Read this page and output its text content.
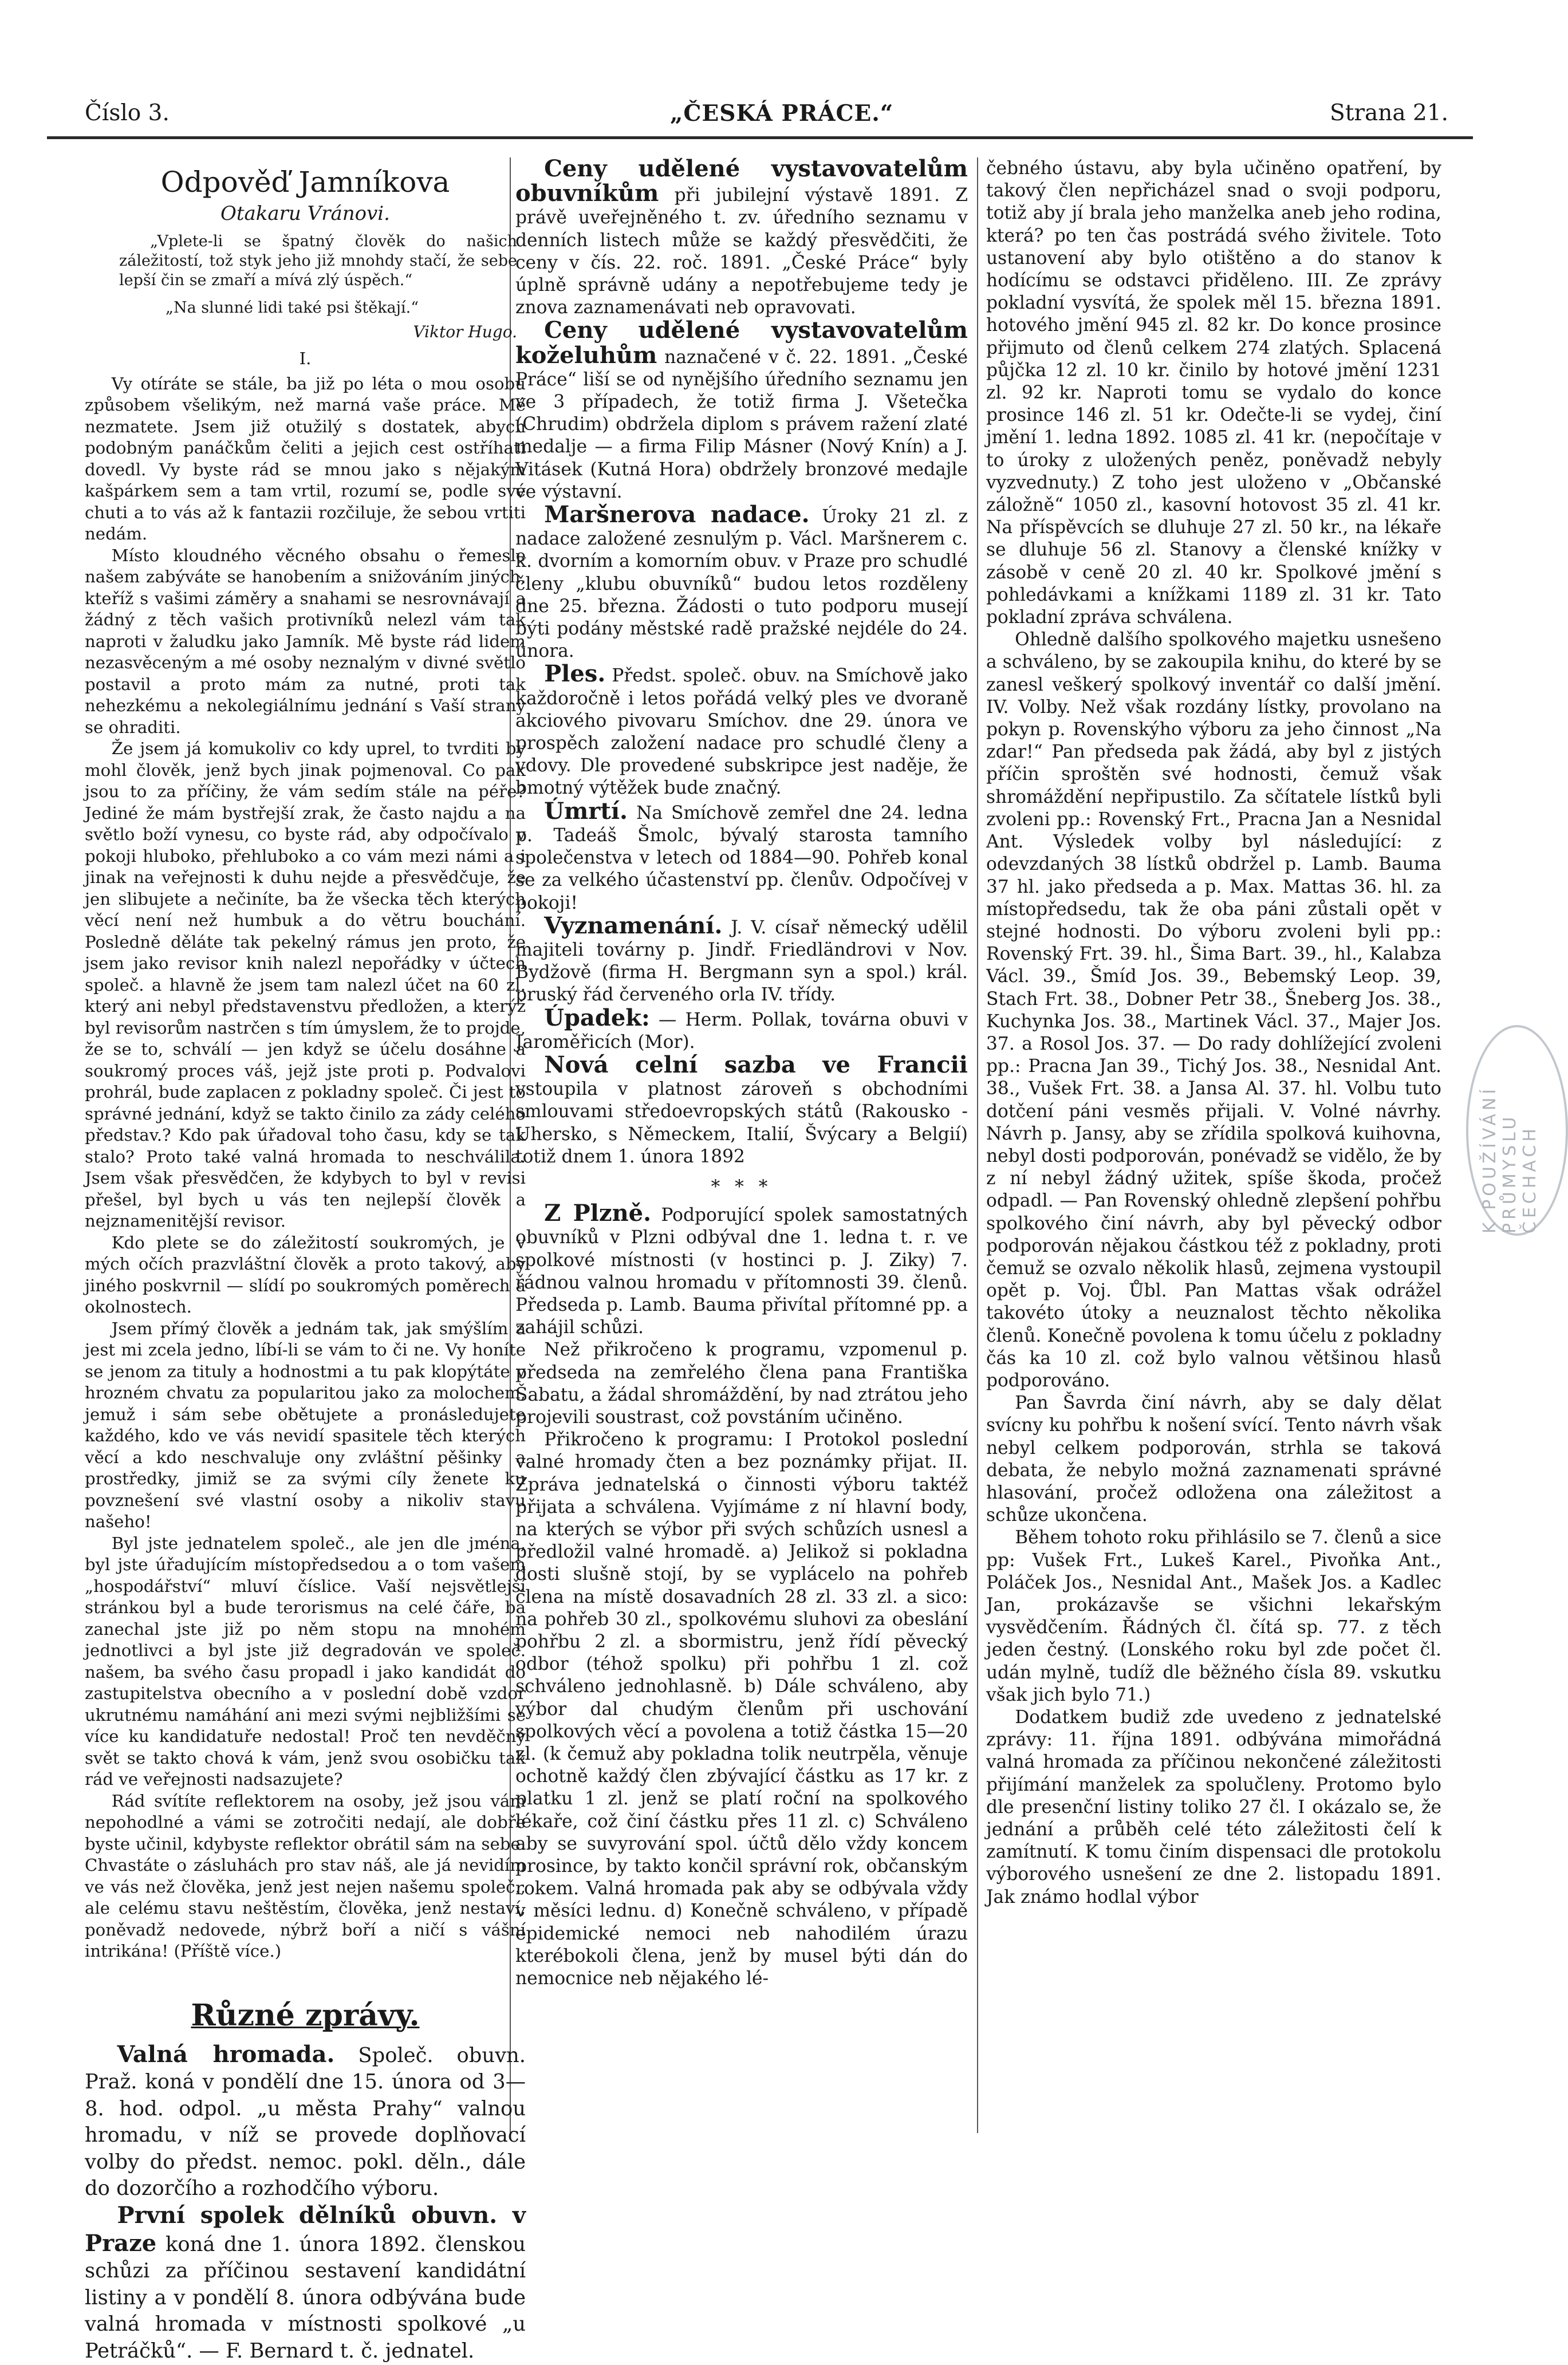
Číslo 3.	„ČESKÁ PRÁCE.“	Strana 21.

Odpověď Jamníkova

Otakaru Vránovi.

„Vplete-li se špatný člověk do našich záležitostí, tož styk jeho již mnohdy stačí, že sebe lepší čin se zmaří a mívá zlý úspěch.“

„Na slunné lidi také psi štěkají.“

Viktor Hugo.

I.

Vy otíráte se stále, ba již po léta o mou osobu způsobem všelikým, než marná vaše práce. Mé nezmatete. Jsem již otužilý s dostatek, abych podobným panáčkům čeliti a jejich cest ostříhati dovedl. Vy byste rád se mnou jako s nějakým kašpárkem sem a tam vrtil, rozumí se, podle své chuti a to vás až k fantazii rozčiluje, že sebou vrtiti nedám.

Místo kloudného věcného obsahu o řemesle našem zabýváte se hanobením a snižováním jiných, kteříž s vašimi záměry a snahami se nesrovnávají a žádný z těch vašich protivníků nelezl vám tak naproti v žaludku jako Jamník. Mě byste rád lidem nezasvěceným a mé osoby neznalým v divné světlo postavil a proto mám za nutné, proti tak nehezkému a nekolegiálnímu jednání s Vaší strany se ohraditi.

Že jsem já komukoliv co kdy uprel, to tvrditi by mohl člověk, jenž bych jinak pojmenoval. Co pak jsou to za příčiny, že vám sedím stále na péře? Jediné že mám bystřejší zrak, že často najdu a na světlo boží vynesu, co byste rád, aby odpočívalo v pokoji hluboko, přehluboko a co vám mezi námi a i jinak na veřejnosti k duhu nejde a přesvědčuje, že jen slibujete a nečiníte, ba že všecka těch kterých věcí není než humbuk a do větru bouchání. Posledně děláte tak pekelný rámus jen proto, že jsem jako revisor knih nalezl nepořádky v účtech společ. a hlavně že jsem tam nalezl účet na 60 zl. který ani nebyl představenstvu předložen, a kterýž byl revisorům nastrčen s tím úmyslem, že to projde, že se to, schválí — jen když se účelu dosáhne a soukromý proces váš, jejž jste proti p. Podvalovi prohrál, bude zaplacen z pokladny společ. Či jest to správné jednání, když se takto činilo za zády celého představ.? Kdo pak úřadoval toho času, kdy se tak stalo? Proto také valná hromada to neschválila. Jsem však přesvědčen, že kdybych to byl v revisi přešel, byl bych u vás ten nejlepší člověk a nejznamenitější revisor.

Kdo plete se do záležitostí soukromých, je v mých očích prazvláštní člověk a proto takový, aby jiného poskvrnil — slídí po soukromých poměrech a okolnostech.

Jsem přímý člověk a jednám tak, jak smýšlím a jest mi zcela jedno, líbí-li se vám to či ne. Vy honíte se jenom za tituly a hodnostmi a tu pak klopýtáte v hrozném chvatu za popularitou jako za molochem, jemuž i sám sebe obětujete a pronásledujete každého, kdo ve vás nevidí spasitele těch kterých věcí a kdo neschvaluje ony zvláštní pěšinky a prostředky, jimiž se za svými cíly ženete ku povznešení své vlastní osoby a nikoliv stavu našeho!

Byl jste jednatelem společ., ale jen dle jména, byl jste úřadujícím místopředsedou a o tom vašem „hospodářství“ mluví číslice. Vaší nejsvětlejší stránkou byl a bude terorismus na celé čáře, ba zanechal jste již po něm stopu na mnohém jednotlivci a byl jste již degradován ve společ. našem, ba svého času propadl i jako kandidát do zastupitelstva obecního a v poslední době vzdor ukrutnému namáhání ani mezi svými nejbližšími se více ku kandidatuře nedostal! Proč ten nevděčný svět se takto chová k vám, jenž svou osobičku tak rád ve veřejnosti nadsazujete?

Rád svítíte reflektorem na osoby, jež jsou vám nepohodlné a vámi se zotročiti nedají, ale dobře byste učinil, kdybyste reflektor obrátil sám na sebe. Chvastáte o zásluhách pro stav náš, ale já nevidím ve vás než člověka, jenž jest nejen našemu společ., ale celému stavu neštěstím, člověka, jenž nestaví, poněvadž nedovede, nýbrž boří a ničí s vášní intrikána! (Příště více.)

Různé zprávy.

Valná hromada. Společ. obuvn. Praž. koná v pondělí dne 15. února od 3—8. hod. odpol. „u města Prahy“ valnou hromadu, v níž se provede doplňovací volby do předst. nemoc. pokl. děln., dále do dozorčího a rozhodčího výboru.

První spolek dělníků obuvn. v Praze koná dne 1. února 1892. členskou schůzi za příčinou sestavení kandidátní listiny a v pondělí 8. února odbývána bude valná hromada v místnosti spolkové „u Petráčků“. — F. Bernard t. č. jednatel.

Ceny udělené vystavovatelům obuvníkům při jubilejní výstavě 1891. Z právě uveřejněného t. zv. úředního seznamu v denních listech může se každý přesvědčiti, že ceny v čís. 22. roč. 1891. „České Práce“ byly úplně správně udány a nepotřebujeme tedy je znova zaznamenávati neb opravovati.

Ceny udělené vystavovatelům koželuhům naznačené v č. 22. 1891. „České Práce“ liší se od nynějšího úředního seznamu jen ve 3 případech, že totiž firma J. Všetečka (Chrudim) obdržela diplom s právem ražení zlaté medalje — a firma Filip Másner (Nový Knín) a J. Vitásek (Kutná Hora) obdržely bronzové medajle ve výstavní.

Maršnerova nadace. Úroky 21 zl. z nadace založené zesnulým p. Václ. Maršnerem c. k. dvorním a komorním obuv. v Praze pro schudlé členy „klubu obuvníků“ budou letos rozděleny dne 25. března. Žádosti o tuto podporu musejí býti podány městské radě pražské nejdéle do 24. února.

Ples. Předst. společ. obuv. na Smíchově jako každoročně i letos pořádá velký ples ve dvoraně akciového pivovaru Smíchov. dne 29. února ve prospěch založení nadace pro schudlé členy a vdovy. Dle provedené subskripce jest naděje, že bmotný výtěžek bude značný.

Úmrtí. Na Smíchově zemřel dne 24. ledna p. Tadeáš Šmolc, bývalý starosta tamního společenstva v letech od 1884—90. Pohřeb konal se za velkého účastenství pp. členův. Odpočívej v pokoji!

Vyznamenání. J. V. císař německý udělil majiteli továrny p. Jindř. Friedländrovi v Nov. Bydžově (firma H. Bergmann syn a spol.) král. pruský řád červeného orla IV. třídy.

Úpadek: — Herm. Pollak, továrna obuvi v Jaroměřicích (Mor).

Nová celní sazba ve Francii vstoupila v platnost zároveň s obchodními smlouvami středoevropských států (Rakousko - Uhersko, s Německem, Italií, Švýcary a Belgií) totiž dnem 1. února 1892

* * *

Z Plzně. Podporující spolek samostatných obuvníků v Plzni odbýval dne 1. ledna t. r. ve spolkové místnosti (v hostinci p. J. Ziky) 7. řádnou valnou hromadu v přítomnosti 39. členů. Předseda p. Lamb. Bauma přivítal přítomné pp. a zahájil schůzi.

Než přikročeno k programu, vzpomenul p. předseda na zemřelého člena pana Františka Šabatu, a žádal shromáždění, by nad ztrátou jeho projevili soustrast, což povstáním učiněno.

Přikročeno k programu: I Protokol poslední valné hromady čten a bez poznámky přijat. II. Zpráva jednatelská o činnosti výboru taktéž přijata a schválena. Vyjímáme z ní hlavní body, na kterých se výbor při svých schůzích usnesl a předložil valné hromadě. a) Jelikož si pokladna dosti slušně stojí, by se vyplácelo na pohřeb člena na místě dosavadních 28 zl. 33 zl. a sico: na pohřeb 30 zl., spolkovému sluhovi za obeslání pohřbu 2 zl. a sbormistru, jenž řídí pěvecký odbor (téhož spolku) při pohřbu 1 zl. což schváleno jednohlasně. b) Dále schváleno, aby výbor dal chudým členům při uschování spolkových věcí a povolena a totiž částka 15—20 zl. (k čemuž aby pokladna tolik neutrpěla, věnuje ochotně každý člen zbývající částku as 17 kr. z platku 1 zl. jenž se platí roční na spolkového lékaře, což činí částku přes 11 zl. c) Schváleno aby se suvyrování spol. účtů dělo vždy koncem prosince, by takto končil správní rok, občanským rokem. Valná hromada pak aby se odbývala vždy v měsíci lednu. d) Konečně schváleno, v případě epidemické nemoci neb nahodilém úrazu kterébokoli člena, jenž by musel býti dán do nemocnice neb nějakého lé-

čebného ústavu, aby byla učiněno opatření, by takový člen nepřicházel snad o svoji podporu, totiž aby jí brala jeho manželka aneb jeho rodina, která? po ten čas postrádá svého živitele. Toto ustanovení aby bylo otištěno a do stanov k hodícímu se odstavci přiděleno. III. Ze zprávy pokladní vysvítá, že spolek měl 15. března 1891. hotového jmění 945 zl. 82 kr. Do konce prosince přijmuto od členů celkem 274 zlatých. Splacená půjčka 12 zl. 10 kr. činilo by hotové jmění 1231 zl. 92 kr. Naproti tomu se vydalo do konce prosince 146 zl. 51 kr. Odečte-li se vydej, činí jmění 1. ledna 1892. 1085 zl. 41 kr. (nepočítaje v to úroky z uložených peněz, poněvadž nebyly vyzvednuty.) Z toho jest uloženo v „Občanské záložně“ 1050 zl., kasovní hotovost 35 zl. 41 kr. Na příspěvcích se dluhuje 27 zl. 50 kr., na lékaře se dluhuje 56 zl. Stanovy a členské knížky v zásobě v ceně 20 zl. 40 kr. Spolkové jmění s pohledávkami a knížkami 1189 zl. 31 kr. Tato pokladní zpráva schválena.

Ohledně dalšího spolkového majetku usnešeno a schváleno, by se zakoupila knihu, do které by se zanesl veškerý spolkový inventář co další jmění. IV. Volby. Než však rozdány lístky, provolano na pokyn p. Rovenskýho výboru za jeho činnost „Na zdar!“ Pan předseda pak žádá, aby byl z jistých příčin sproštěn své hodnosti, čemuž však shromáždění nepřipustilo. Za sčítatele lístků byli zvoleni pp.: Rovenský Frt., Pracna Jan a Nesnidal Ant. Výsledek volby byl následující: z odevzdaných 38 lístků obdržel p. Lamb. Bauma 37 hl. jako předseda a p. Max. Mattas 36. hl. za místopředsedu, tak že oba páni zůstali opět v stejné hodnosti. Do výboru zvoleni byli pp.: Rovenský Frt. 39. hl., Šima Bart. 39., hl., Kalabza Václ. 39., Šmíd Jos. 39., Bebemský Leop. 39, Stach Frt. 38., Dobner Petr 38., Šneberg Jos. 38., Kuchynka Jos. 38., Martinek Václ. 37., Majer Jos. 37. a Rosol Jos. 37. — Do rady dohlížející zvoleni pp.: Pracna Jan 39., Tichý Jos. 38., Nesnidal Ant. 38., Vušek Frt. 38. a Jansa Al. 37. hl. Volbu tuto dotčení páni vesměs přijali. V. Volné návrhy. Návrh p. Jansy, aby se zřídila spolková kuihovna, nebyl dosti podporován, ponévadž se vidělo, že by z ní nebyl žádný užitek, spíše škoda, pročež odpadl. — Pan Rovenský ohledně zlepšení pohřbu spolkového činí návrh, aby byl pěvecký odbor podporován nějakou částkou též z pokladny, proti čemuž se ozvalo několik hlasů, zejmena vystoupil opět p. Voj. Ůbl. Pan Mattas však odrážel takovéto útoky a neuznalost těchto několika členů. Konečně povolena k tomu účelu z pokladny čás ka 10 zl. což bylo valnou většinou hlasů podporováno.

Pan Šavrda činí návrh, aby se daly dělat svícny ku pohřbu k nošení svící. Tento návrh však nebyl celkem podporován, strhla se taková debata, že nebylo možná zaznamenati správné hlasování, pročež odložena ona záležitost a schůze ukončena.

Během tohoto roku přihlásilo se 7. členů a sice pp: Vušek Frt., Lukeš Karel., Pivoňka Ant., Poláček Jos., Nesnidal Ant., Mašek Jos. a Kadlec Jan, prokázavše se všichni lekařským vysvědčením. Řádných čl. čítá sp. 77. z těch jeden čestný. (Lonského roku byl zde počet čl. udán mylně, tudíž dle běžného čísla 89. vskutku však jich bylo 71.)

Dodatkem budiž zde uvedeno z jednatelské zprávy: 11. října 1891. odbývána mimořádná valná hromada za příčinou nekončené záležitosti přijímání manželek za spolučleny. Protomo bylo dle presenční listiny tolikо 27 čl. I okázalo se, že jednání a průběh celé této záležitosti čelí k zamítnutí. K tomu činím dispensaci dle protokolu výborového usnešení ze dne 2. listopadu 1891. Jak známo hodlal výbor

K POUŽÍVÁNÍ PRŮMYSLU ČECHACH
